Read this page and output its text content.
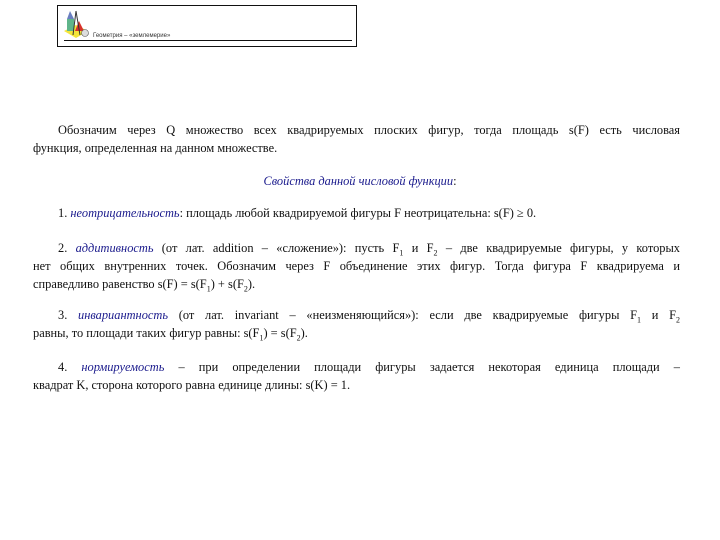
Геометрия – «землемерие»
Свойства данной числовой функции:
Обозначим через Q множество всех квадрируемых плоских фигур, тогда площадь s(F) есть числовая
функция, определенная на данном множестве.
1. неотрицательность: площадь любой квадрируемой фигуры F неотрицательна: s(F) ≥ 0.
2. аддитивность (от лат. addition – «сложение»): пусть $F_1$ и $F_2$ – две квадрируемые фигуры, у которых
нет общих внутренних точек. Обозначим через F объединение этих фигур. Тогда фигура F квадрируема и
справедливо равенство $s(F) = s(F_1) + s(F_2)$.
3. инвариантность (от лат. invariant – «неизменяющийся»): если две квадрируемые фигуры $F_1$ и $F_2$
равны, то площади таких фигур равны: $s(F_1) = s(F_2)$.
4. нормируемость – при определении площади фигуры задается некоторая единица площади –
квадрат K, сторона которого равна единице длины: s(K) = 1.
